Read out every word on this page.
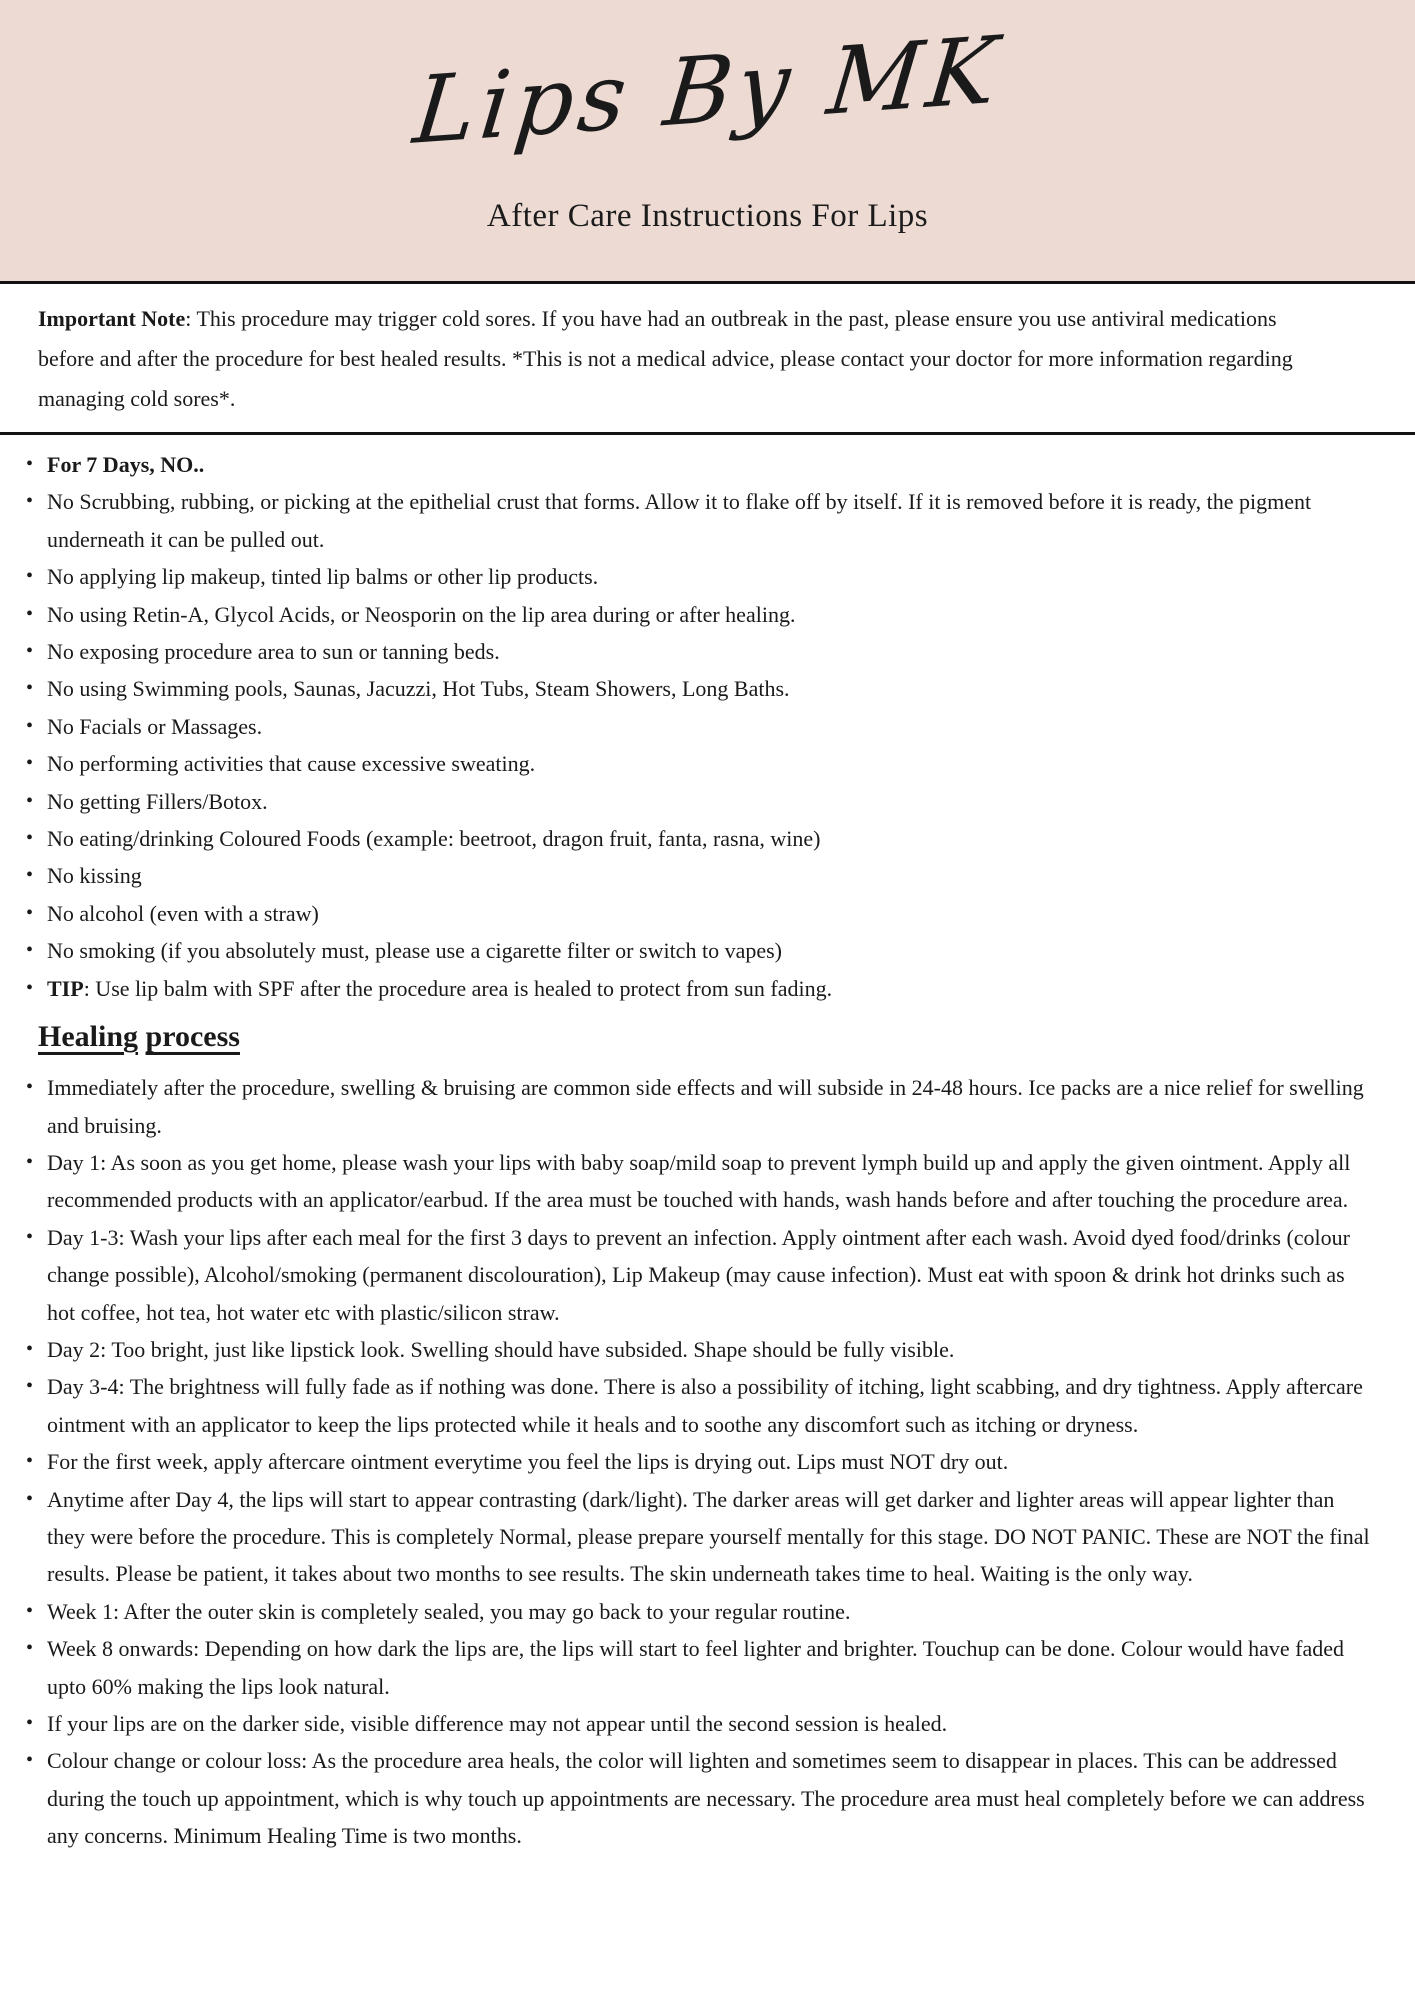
Lips By MK
After Care Instructions For Lips

Important Note: This procedure may trigger cold sores. If you have had an outbreak in the past, please ensure you use antiviral medications before and after the procedure for best healed results. *This is not a medical advice, please contact your doctor for more information regarding managing cold sores*.

• For 7 Days, NO..
• No Scrubbing, rubbing, or picking at the epithelial crust that forms. Allow it to flake off by itself. If it is removed before it is ready, the pigment underneath it can be pulled out.
• No applying lip makeup, tinted lip balms or other lip products.
• No using Retin-A, Glycol Acids, or Neosporin on the lip area during or after healing.
• No exposing procedure area to sun or tanning beds.
• No using Swimming pools, Saunas, Jacuzzi, Hot Tubs, Steam Showers, Long Baths.
• No Facials or Massages.
• No performing activities that cause excessive sweating.
• No getting Fillers/Botox.
• No eating/drinking Coloured Foods (example: beetroot, dragon fruit, fanta, rasna, wine)
• No kissing
• No alcohol (even with a straw)
• No smoking (if you absolutely must, please use a cigarette filter or switch to vapes)
• TIP: Use lip balm with SPF after the procedure area is healed to protect from sun fading.
Healing process
• Immediately after the procedure, swelling & bruising are common side effects and will subside in 24-48 hours. Ice packs are a nice relief for swelling and bruising.
• Day 1: As soon as you get home, please wash your lips with baby soap/mild soap to prevent lymph build up and apply the given ointment. Apply all recommended products with an applicator/earbud. If the area must be touched with hands, wash hands before and after touching the procedure area.
• Day 1-3: Wash your lips after each meal for the first 3 days to prevent an infection. Apply ointment after each wash. Avoid dyed food/drinks (colour change possible), Alcohol/smoking (permanent discolouration), Lip Makeup (may cause infection). Must eat with spoon & drink hot drinks such as hot coffee, hot tea, hot water etc with plastic/silicon straw.
• Day 2: Too bright, just like lipstick look. Swelling should have subsided. Shape should be fully visible.
• Day 3-4: The brightness will fully fade as if nothing was done. There is also a possibility of itching, light scabbing, and dry tightness. Apply aftercare ointment with an applicator to keep the lips protected while it heals and to soothe any discomfort such as itching or dryness.
• For the first week, apply aftercare ointment everytime you feel the lips is drying out. Lips must NOT dry out.
• Anytime after Day 4, the lips will start to appear contrasting (dark/light). The darker areas will get darker and lighter areas will appear lighter than they were before the procedure. This is completely Normal, please prepare yourself mentally for this stage. DO NOT PANIC. These are NOT the final results. Please be patient, it takes about two months to see results. The skin underneath takes time to heal. Waiting is the only way.
• Week 1: After the outer skin is completely sealed, you may go back to your regular routine.
• Week 8 onwards: Depending on how dark the lips are, the lips will start to feel lighter and brighter. Touchup can be done. Colour would have faded upto 60% making the lips look natural.
• If your lips are on the darker side, visible difference may not appear until the second session is healed.
• Colour change or colour loss: As the procedure area heals, the color will lighten and sometimes seem to disappear in places. This can be addressed during the touch up appointment, which is why touch up appointments are necessary. The procedure area must heal completely before we can address any concerns. Minimum Healing Time is two months.
